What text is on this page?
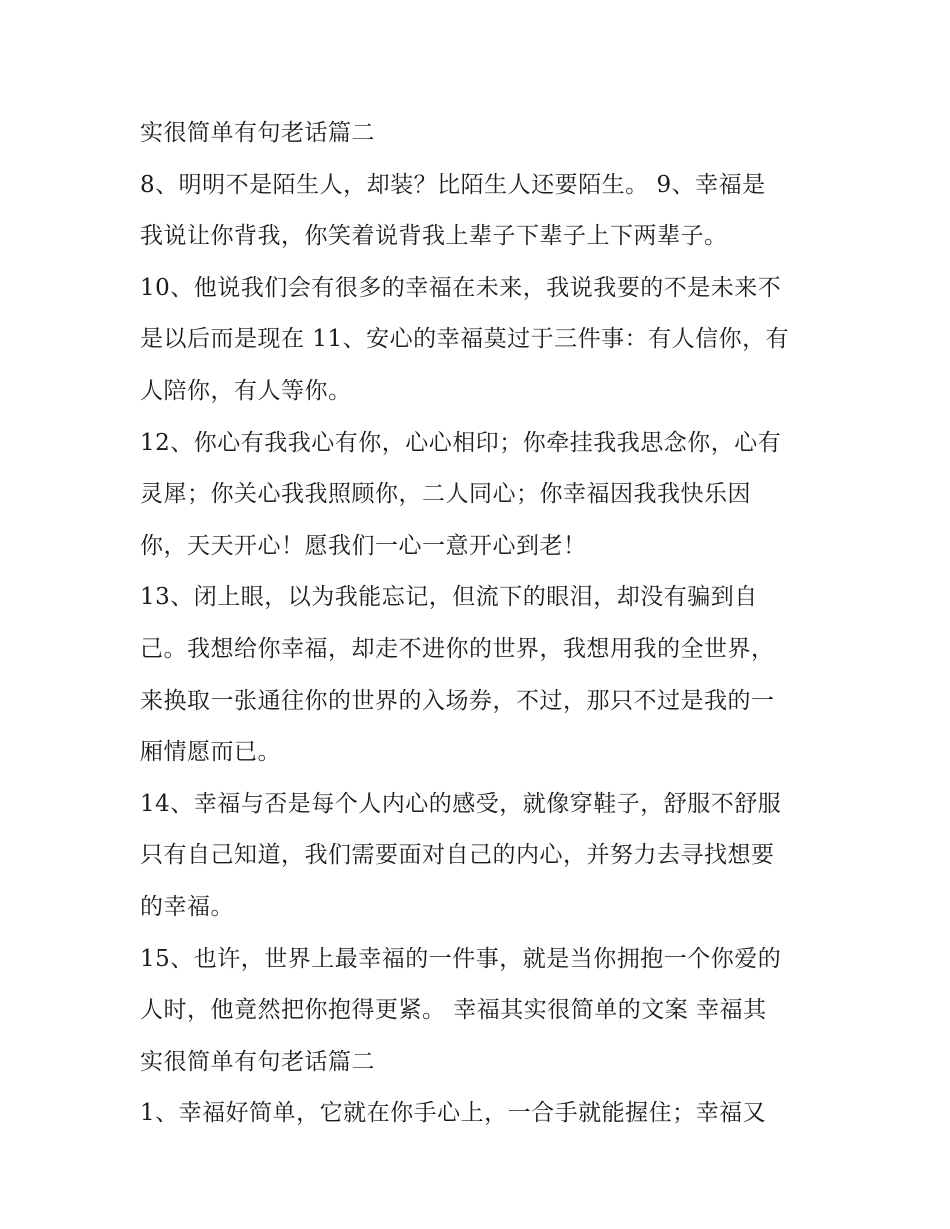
实很简单有句老话篇二
8、明明不是陌生人，却装？比陌生人还要陌生。 9、幸福是
我说让你背我，你笑着说背我上辈子下辈子上下两辈子。
10、他说我们会有很多的幸福在未来，我说我要的不是未来不
是以后而是现在 11、安心的幸福莫过于三件事：有人信你，有
人陪你，有人等你。
12、你心有我我心有你，心心相印；你牵挂我我思念你，心有
灵犀；你关心我我照顾你，二人同心；你幸福因我我快乐因
你，天天开心！愿我们一心一意开心到老！
13、闭上眼，以为我能忘记，但流下的眼泪，却没有骗到自
己。我想给你幸福，却走不进你的世界，我想用我的全世界，
来换取一张通往你的世界的入场券，不过，那只不过是我的一
厢情愿而已。
14、幸福与否是每个人内心的感受，就像穿鞋子，舒服不舒服
只有自己知道，我们需要面对自己的内心，并努力去寻找想要
的幸福。
15、也许，世界上最幸福的一件事，就是当你拥抱一个你爱的
人时，他竟然把你抱得更紧。 幸福其实很简单的文案 幸福其
实很简单有句老话篇二
1、幸福好简单，它就在你手心上，一合手就能握住；幸福又
